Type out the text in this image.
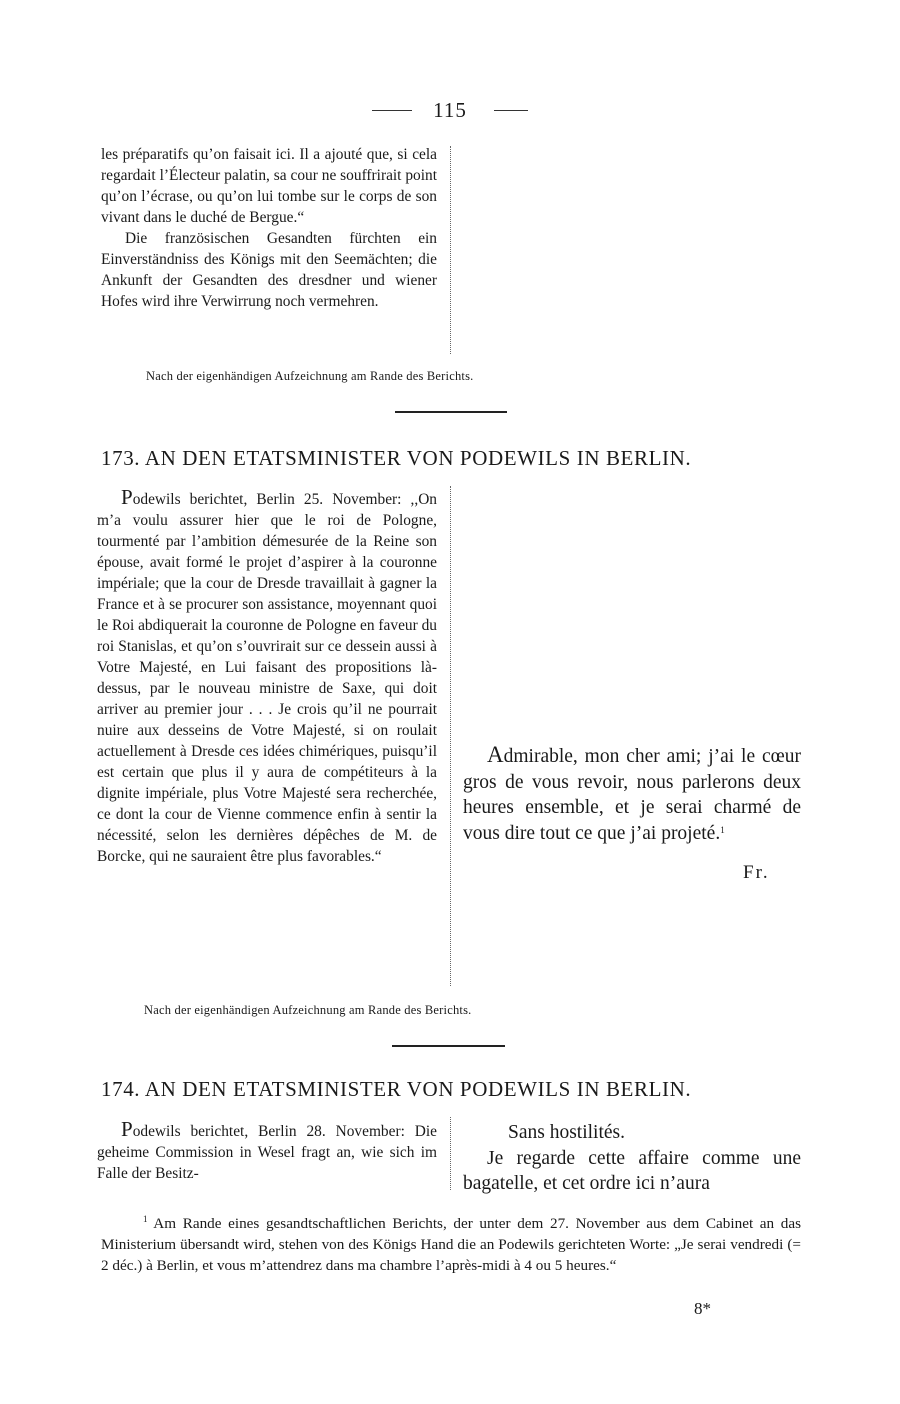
115

les préparatifs qu’on faisait ici. Il a ajouté que, si cela regardait l’Électeur palatin, sa cour ne souffrirait point qu’on l’écrase, ou qu’on lui tombe sur le corps de son vivant dans le duché de Bergue.“

Die französischen Gesandten fürchten ein Einverständniss des Königs mit den Seemächten; die Ankunft der Gesandten des dresdner und wiener Hofes wird ihre Verwirrung noch vermehren.

Nach der eigenhändigen Aufzeichnung am Rande des Berichts.
173. AN DEN ETATSMINISTER VON PODEWILS IN BERLIN.

Podewils berichtet, Berlin 25. November: ,,On m’a voulu assurer hier que le roi de Pologne, tourmenté par l’ambition démesurée de la Reine son épouse, avait formé le projet d’aspirer à la couronne impériale; que la cour de Dresde travaillait à gagner la France et à se procurer son assistance, moyennant quoi le Roi abdiquerait la couronne de Pologne en faveur du roi Stanislas, et qu’on s’ouvrirait sur ce dessein aussi à Votre Majesté, en Lui faisant des propositions là-dessus, par le nouveau ministre de Saxe, qui doit arriver au premier jour . . . Je crois qu’il ne pourrait nuire aux desseins de Votre Majesté, si on roulait actuellement à Dresde ces idées chimériques, puisqu’il est certain que plus il y aura de compétiteurs à la dignite impériale, plus Votre Majesté sera recherchée, ce dont la cour de Vienne commence enfin à sentir la nécessité, selon les dernières dépêches de M. de Borcke, qui ne sauraient être plus favorables.“

Admirable, mon cher ami; j’ai le cœur gros de vous revoir, nous parlerons deux heures ensemble, et je serai charmé de vous dire tout ce que j’ai projeté.$^1$

Fr.
Nach der eigenhändigen Aufzeichnung am Rande des Berichts.
174. AN DEN ETATSMINISTER VON PODEWILS IN BERLIN.

Podewils berichtet, Berlin 28. November: Die geheime Commission in Wesel fragt an, wie sich im Falle der Besitz-

Sans hostilités.

Je regarde cette affaire comme une bagatelle, et cet ordre ici n’aura

$^1$ Am Rande eines gesandtschaftlichen Berichts, der unter dem 27. November aus dem Cabinet an das Ministerium übersandt wird, stehen von des Königs Hand die an Podewils gerichteten Worte: „Je serai vendredi (= 2 déc.) à Berlin, et vous m’attendrez dans ma chambre l’après-midi à 4 ou 5 heures.“

8*
